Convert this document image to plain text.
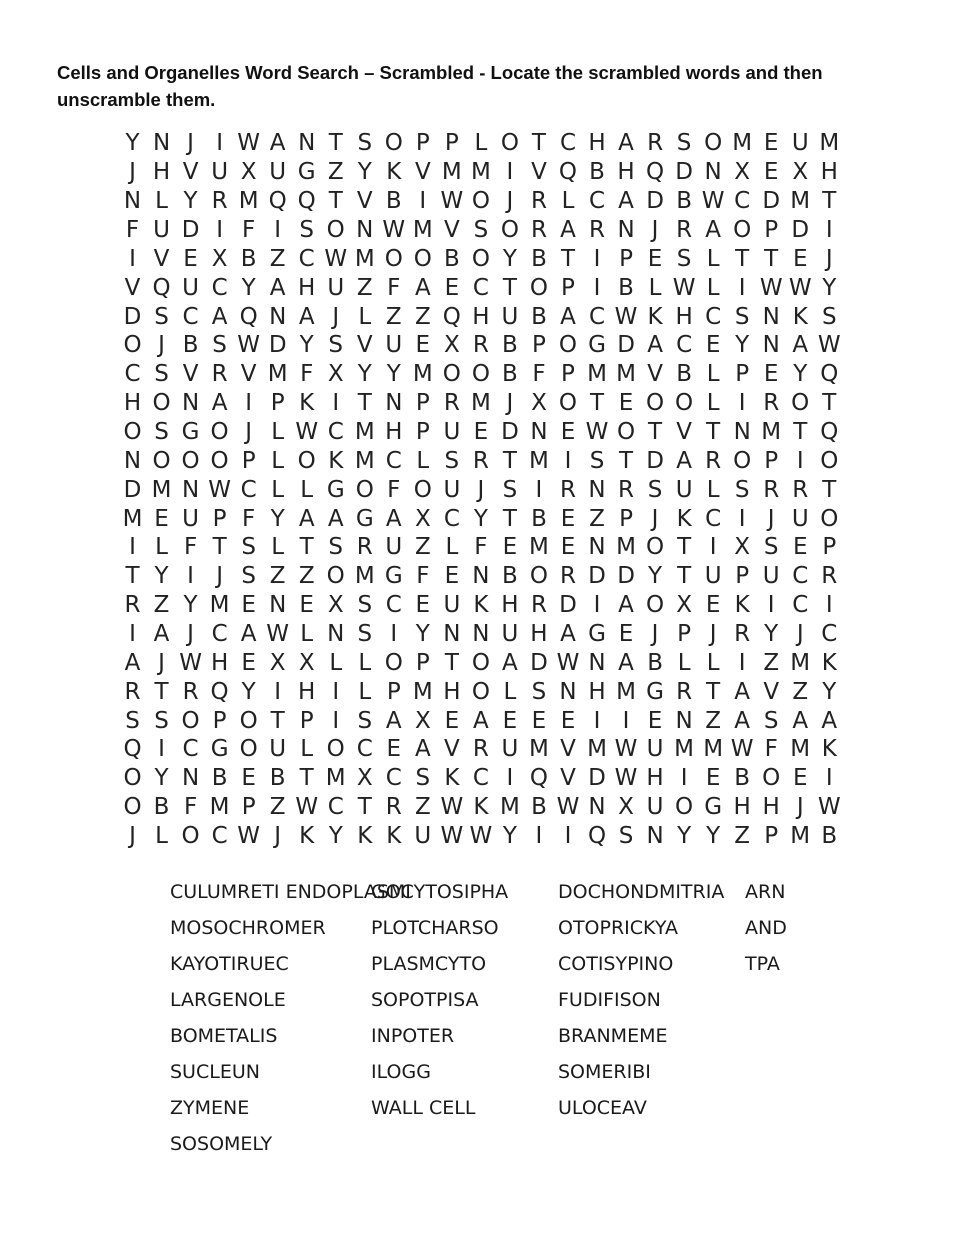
Cells and Organelles Word Search – Scrambled - Locate the scrambled words and then unscramble them.
Y N J I W A N T S O P P L O T C H A R S O M E U M
J H V U X U G Z Y K V M M I V Q B H Q D N X E X H
N L Y R M Q Q T V B I W O J R L C A D B W C D M T
F U D I F I S O N W M V S O R A R N J R A O P D I
I V E X B Z C W M O O B O Y B T I P E S L T T E J
V Q U C Y A H U Z F A E C T O P I B L W L I W W Y
D S C A Q N A J L Z Z Q H U B A C W K H C S N K S
O J B S W D Y S V U E X R B P O G D A C E Y N A W
C S V R V M F X Y Y M O O B F P M M V B L P E Y Q
H O N A I P K I T N P R M J X O T E O O L I R O T
O S G O J L W C M H P U E D N E W O T V T N M T Q
N O O O P L O K M C L S R T M I S T D A R O P I O
D M N W C L L G O F O U J S I R N R S U L S R R T
M E U P F Y A A G A X C Y T B E Z P J K C I J U O
I L F T S L T S R U Z L F E M E N M O T I X S E P
T Y I J S Z Z O M G F E N B O R D D Y T U P U C R
R Z Y M E N E X S C E U K H R D I A O X E K I C I
I A J C A W L N S I Y N N U H A G E J P J R Y J C
A J W H E X X L L O P T O A D W N A B L L I Z M K
R T R Q Y I H I L P M H O L S N H M G R T A V Z Y
S S O P O T P I S A X E A E E E I I E N Z A S A A
Q I C G O U L O C E A V R U M V M W U M M W F M K
O Y N B E B T M X C S K C I Q V D W H I E B O E I
O B F M P Z W C T R Z W K M B W N X U O G H H J W
J L O C W J K Y K K U W W Y I I Q S N Y Y Z P M B
CULUMRETI ENDOPLASMI
MOSOCHROMER
KAYOTIRUEC
LARGENOLE
BOMETALIS
SUCLEUN
ZYMENE
SOSOMELY
GOCYTOSIPHA
PLOTCHARSO
PLASMCYTO
SOPOTPISA
INPOTER
ILOGG
WALL CELL
DOCHONDMITRIA
OTOPRICKYA
COTISYPINO
FUDIFISON
BRANMEME
SOMERIBI
ULOCEAV
ARN
AND
TPA
